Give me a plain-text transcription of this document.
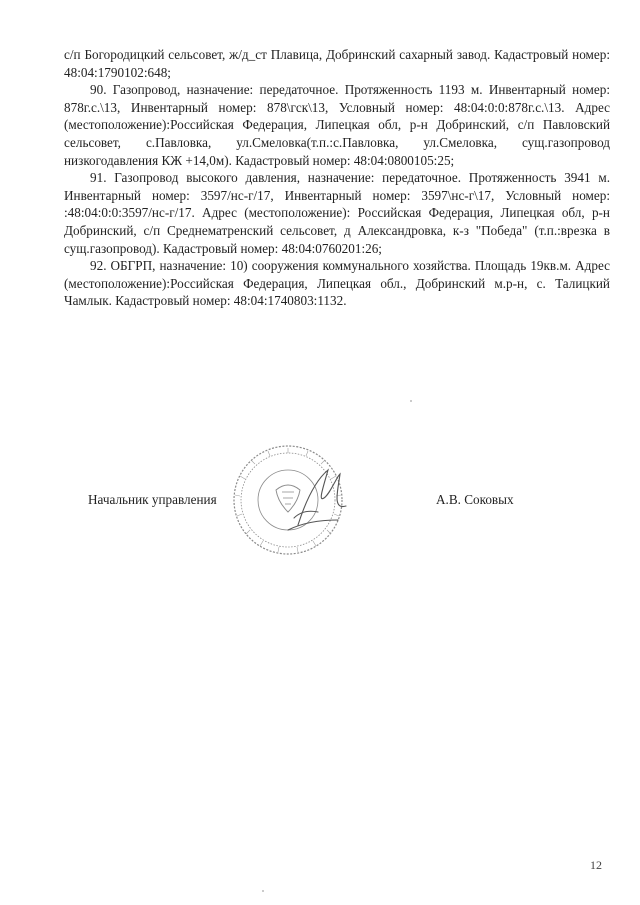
с/п Богородицкий сельсовет, ж/д_ст Плавица, Добринский сахарный завод. Кадастровый номер: 48:04:1790102:648;

90. Газопровод, назначение: передаточное. Протяженность 1193 м. Инвентарный номер: 878г.с.\13, Инвентарный номер: 878\гск\13, Условный номер: 48:04:0:0:878г.с.\13. Адрес (местоположение):Российская Федерация, Липецкая обл, р-н Добринский, с/п Павловский сельсовет, с.Павловка, ул.Смеловка(т.п.:с.Павловка, ул.Смеловка, сущ.газопровод низкогодавления КЖ +14,0м). Кадастровый номер: 48:04:0800105:25;

91. Газопровод высокого давления, назначение: передаточное. Протяженность 3941 м. Инвентарный номер: 3597/нс-г/17, Инвентарный номер: 3597\нс-г\17, Условный номер: :48:04:0:0:3597/нс-г/17. Адрес (местоположение): Российская Федерация, Липецкая обл, р-н Добринский, с/п Среднематренский сельсовет, д Александровка, к-з "Победа" (т.п.:врезка в сущ.газопровод). Кадастровый номер: 48:04:0760201:26;

92. ОБГРП, назначение: 10) сооружения коммунального хозяйства. Площадь 19кв.м. Адрес (местоположение):Российская Федерация, Липецкая обл., Добринский м.р-н, с. Талицкий Чамлык. Кадастровый номер: 48:04:1740803:1132.

Начальник управления	А.В. Соковых
12
